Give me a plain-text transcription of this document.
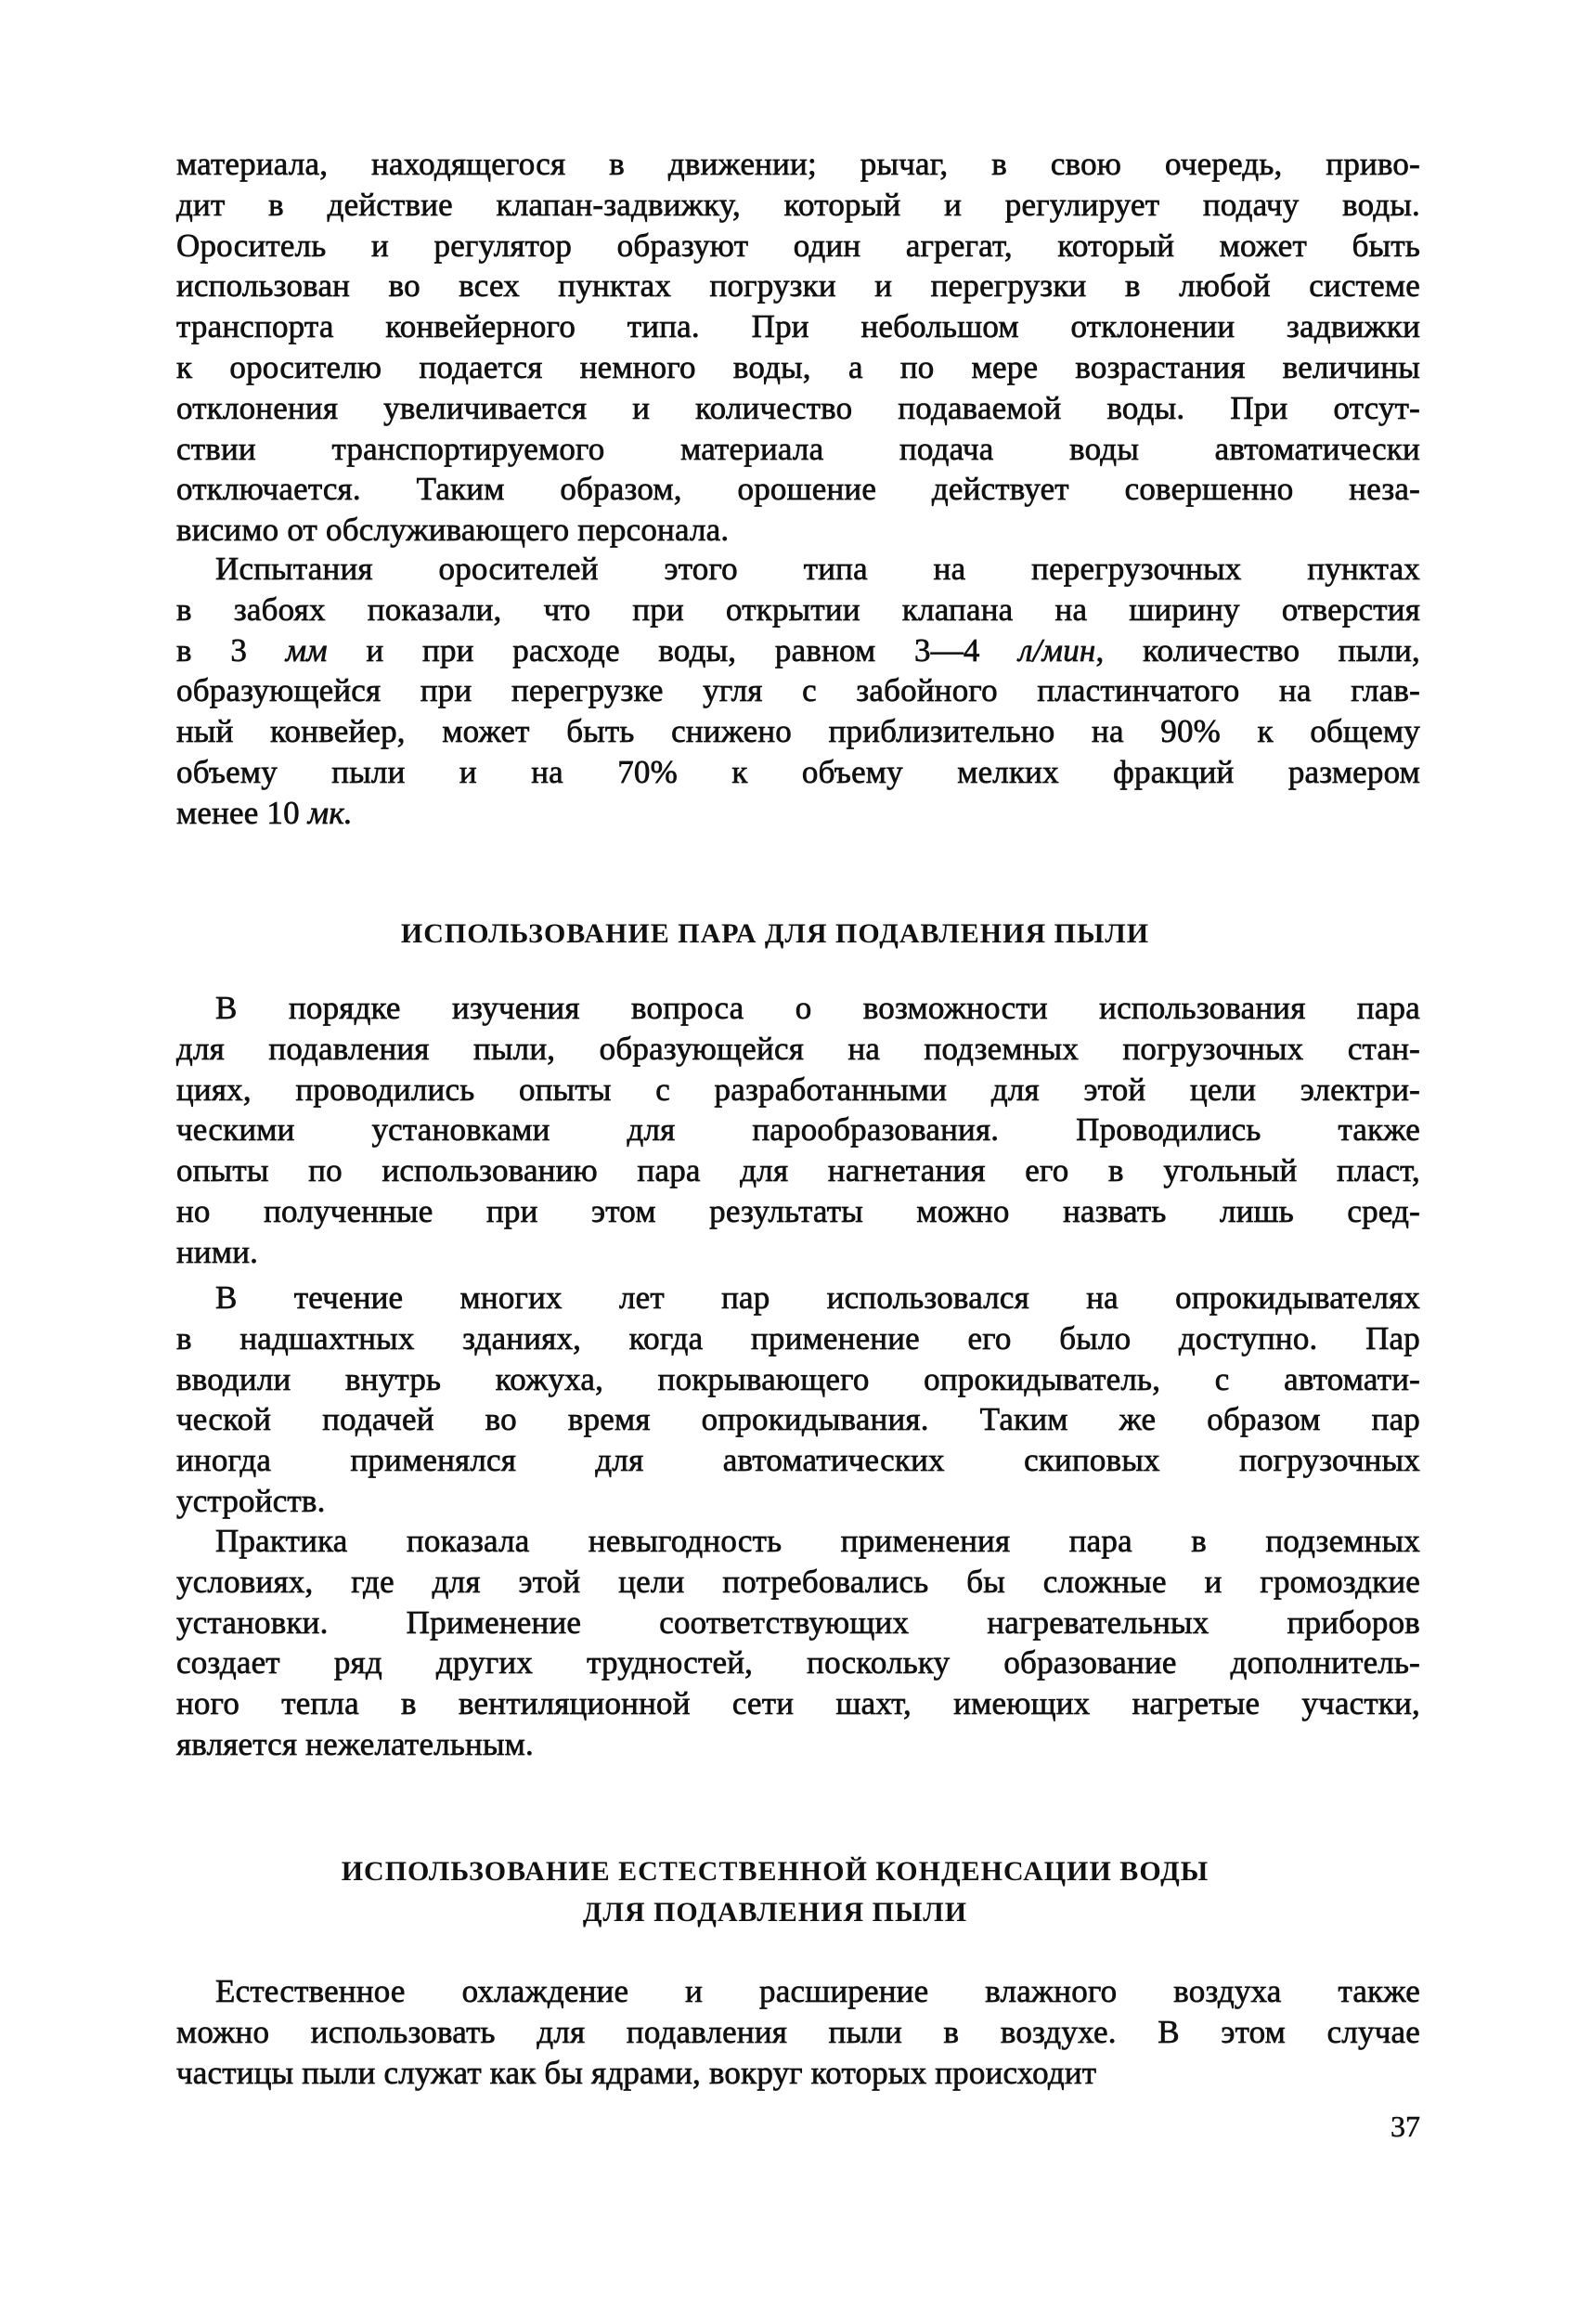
материала, находящегося в движении; рычаг, в свою очередь, приво-
дит в действие клапан-задвижку, который и регулирует подачу воды.
Ороситель и регулятор образуют один агрегат, который может быть
использован во всех пунктах погрузки и перегрузки в любой системе
транспорта конвейерного типа. При небольшом отклонении задвижки
к оросителю подается немного воды, а по мере возрастания величины
отклонения увеличивается и количество подаваемой воды. При отсут-
ствии транспортируемого материала подача воды автоматически
отключается. Таким образом, орошение действует совершенно неза-
висимо от обслуживающего персонала.
Испытания оросителей этого типа на перегрузочных пунктах
в забоях показали, что при открытии клапана на ширину отверстия
в 3 мм и при расходе воды, равном 3—4 л/мин, количество пыли,
образующейся при перегрузке угля с забойного пластинчатого на глав-
ный конвейер, может быть снижено приблизительно на 90% к общему
объему пыли и на 70% к объему мелких фракций размером
менее 10 мк.
ИСПОЛЬЗОВАНИЕ ПАРА ДЛЯ ПОДАВЛЕНИЯ ПЫЛИ
В порядке изучения вопроса о возможности использования пара
для подавления пыли, образующейся на подземных погрузочных стан-
циях, проводились опыты с разработанными для этой цели электри-
ческими установками для парообразования. Проводились также
опыты по использованию пара для нагнетания его в угольный пласт,
но полученные при этом результаты можно назвать лишь сред-
ними.
В течение многих лет пар использовался на опрокидывателях
в надшахтных зданиях, когда применение его было доступно. Пар
вводили внутрь кожуха, покрывающего опрокидыватель, с автомати-
ческой подачей во время опрокидывания. Таким же образом пар
иногда применялся для автоматических скиповых погрузочных
устройств.
Практика показала невыгодность применения пара в подземных
условиях, где для этой цели потребовались бы сложные и громоздкие
установки. Применение соответствующих нагревательных приборов
создает ряд других трудностей, поскольку образование дополнитель-
ного тепла в вентиляционной сети шахт, имеющих нагретые участки,
является нежелательным.
ИСПОЛЬЗОВАНИЕ ЕСТЕСТВЕННОЙ КОНДЕНСАЦИИ ВОДЫ
ДЛЯ ПОДАВЛЕНИЯ ПЫЛИ
Естественное охлаждение и расширение влажного воздуха также
можно использовать для подавления пыли в воздухе. В этом случае
частицы пыли служат как бы ядрами, вокруг которых происходит
37
